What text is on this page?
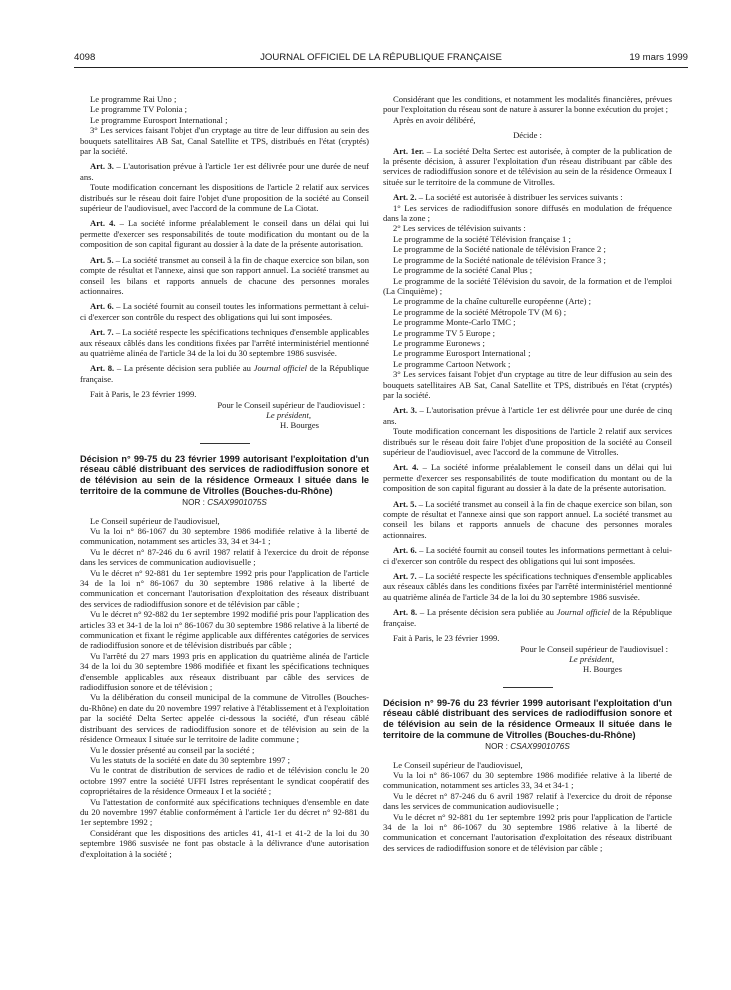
4098	JOURNAL OFFICIEL DE LA RÉPUBLIQUE FRANÇAISE	19 mars 1999

Le programme Rai Uno ;

Le programme TV Polonia ;

Le programme Eurosport International ;

3° Les services faisant l'objet d'un cryptage au titre de leur diffusion au sein des bouquets satellitaires AB Sat, Canal Satellite et TPS, distribués en l'état (cryptés) par la société.

Art. 3. – L'autorisation prévue à l'article 1er est délivrée pour une durée de neuf ans.

Toute modification concernant les dispositions de l'article 2 relatif aux services distribués sur le réseau doit faire l'objet d'une proposition de la société au Conseil supérieur de l'audiovisuel, avec l'accord de la commune de La Ciotat.

Art. 4. – La société informe préalablement le conseil dans un délai qui lui permette d'exercer ses responsabilités de toute modification du montant ou de la composition de son capital figurant au dossier à la date de la présente autorisation.

Art. 5. – La société transmet au conseil à la fin de chaque exercice son bilan, son compte de résultat et l'annexe, ainsi que son rapport annuel. La société transmet au conseil les bilans et rapports annuels de chacune des personnes morales actionnaires.

Art. 6. – La société fournit au conseil toutes les informations permettant à celui-ci d'exercer son contrôle du respect des obligations qui lui sont imposées.

Art. 7. – La société respecte les spécifications techniques d'ensemble applicables aux réseaux câblés dans les conditions fixées par l'arrêté interministériel mentionné au quatrième alinéa de l'article 34 de la loi du 30 septembre 1986 susvisée.

Art. 8. – La présente décision sera publiée au Journal officiel de la République française.

Fait à Paris, le 23 février 1999.

Pour le Conseil supérieur de l'audiovisuel :

Le président,

H. Bourges

Décision n° 99-75 du 23 février 1999 autorisant l'exploitation d'un réseau câblé distribuant des services de radiodiffusion sonore et de télévision au sein de la résidence Ormeaux I située dans le territoire de la commune de Vitrolles (Bouches-du-Rhône)

NOR : CSAX9901075S

Le Conseil supérieur de l'audiovisuel,

Vu la loi n° 86-1067 du 30 septembre 1986 modifiée relative à la liberté de communication, notamment ses articles 33, 34 et 34-1 ;

Vu le décret n° 87-246 du 6 avril 1987 relatif à l'exercice du droit de réponse dans les services de communication audiovisuelle ;

Vu le décret n° 92-881 du 1er septembre 1992 pris pour l'application de l'article 34 de la loi n° 86-1067 du 30 septembre 1986 relative à la liberté de communication et concernant l'autorisation d'exploitation des réseaux distribuant des services de radiodiffusion sonore et de télévision par câble ;

Vu le décret n° 92-882 du 1er septembre 1992 modifié pris pour l'application des articles 33 et 34-1 de la loi n° 86-1067 du 30 septembre 1986 relative à la liberté de communication et fixant le régime applicable aux différentes catégories de services de radiodiffusion sonore et de télévision distribués par câble ;

Vu l'arrêté du 27 mars 1993 pris en application du quatrième alinéa de l'article 34 de la loi du 30 septembre 1986 modifiée et fixant les spécifications techniques d'ensemble applicables aux réseaux distribuant par câble des services de radiodiffusion sonore et de télévision ;

Vu la délibération du conseil municipal de la commune de Vitrolles (Bouches-du-Rhône) en date du 20 novembre 1997 relative à l'établissement et à l'exploitation par la société Delta Sertec appelée ci-dessous la société, d'un réseau câblé distribuant des services de radiodiffusion sonore et de télévision au sein de la résidence Ormeaux I située sur le territoire de ladite commune ;

Vu le dossier présenté au conseil par la société ;

Vu les statuts de la société en date du 30 septembre 1997 ;

Vu le contrat de distribution de services de radio et de télévision conclu le 20 octobre 1997 entre la société UFFI Istres représentant le syndicat coopératif des copropriétaires de la résidence Ormeaux I et la société ;

Vu l'attestation de conformité aux spécifications techniques d'ensemble en date du 20 novembre 1997 établie conformément à l'article 1er du décret n° 92-881 du 1er septembre 1992 ;

Considérant que les dispositions des articles 41, 41-1 et 41-2 de la loi du 30 septembre 1986 susvisée ne font pas obstacle à la délivrance d'une autorisation d'exploitation à la société ;

Considérant que les conditions, et notamment les modalités financières, prévues pour l'exploitation du réseau sont de nature à assurer la bonne exécution du projet ;

Après en avoir délibéré,

Décide :

Art. 1er. – La société Delta Sertec est autorisée, à compter de la publication de la présente décision, à assurer l'exploitation d'un réseau distribuant par câble des services de radiodiffusion sonore et de télévision au sein de la résidence Ormeaux I située sur le territoire de la commune de Vitrolles.

Art. 2. – La société est autorisée à distribuer les services suivants :

1° Les services de radiodiffusion sonore diffusés en modulation de fréquence dans la zone ;

2° Les services de télévision suivants :

Le programme de la société Télévision française 1 ;

Le programme de la Société nationale de télévision France 2 ;

Le programme de la Société nationale de télévision France 3 ;

Le programme de la société Canal Plus ;

Le programme de la société Télévision du savoir, de la formation et de l'emploi (La Cinquième) ;

Le programme de la chaîne culturelle européenne (Arte) ;

Le programme de la société Métropole TV (M 6) ;

Le programme Monte-Carlo TMC ;

Le programme TV 5 Europe ;

Le programme Euronews ;

Le programme Eurosport International ;

Le programme Cartoon Network ;

3° Les services faisant l'objet d'un cryptage au titre de leur diffusion au sein des bouquets satellitaires AB Sat, Canal Satellite et TPS, distribués en l'état (cryptés) par la société.

Art. 3. – L'autorisation prévue à l'article 1er est délivrée pour une durée de cinq ans.

Toute modification concernant les dispositions de l'article 2 relatif aux services distribués sur le réseau doit faire l'objet d'une proposition de la société au Conseil supérieur de l'audiovisuel, avec l'accord de la commune de Vitrolles.

Art. 4. – La société informe préalablement le conseil dans un délai qui lui permette d'exercer ses responsabilités de toute modification du montant ou de la composition de son capital figurant au dossier à la date de la présente autorisation.

Art. 5. – La société transmet au conseil à la fin de chaque exercice son bilan, son compte de résultat et l'annexe ainsi que son rapport annuel. La société transmet au conseil les bilans et rapports annuels de chacune des personnes morales actionnaires.

Art. 6. – La société fournit au conseil toutes les informations permettant à celui-ci d'exercer son contrôle du respect des obligations qui lui sont imposées.

Art. 7. – La société respecte les spécifications techniques d'ensemble applicables aux réseaux câblés dans les conditions fixées par l'arrêté interministériel mentionné au quatrième alinéa de l'article 34 de la loi du 30 septembre 1986 susvisée.

Art. 8. – La présente décision sera publiée au Journal officiel de la République française.

Fait à Paris, le 23 février 1999.

Pour le Conseil supérieur de l'audiovisuel :

Le président,

H. Bourges

Décision n° 99-76 du 23 février 1999 autorisant l'exploitation d'un réseau câblé distribuant des services de radiodiffusion sonore et de télévision au sein de la résidence Ormeaux II située dans le territoire de la commune de Vitrolles (Bouches-du-Rhône)

NOR : CSAX9901076S

Le Conseil supérieur de l'audiovisuel,

Vu la loi n° 86-1067 du 30 septembre 1986 modifiée relative à la liberté de communication, notamment ses articles 33, 34 et 34-1 ;

Vu le décret n° 87-246 du 6 avril 1987 relatif à l'exercice du droit de réponse dans les services de communication audiovisuelle ;

Vu le décret n° 92-881 du 1er septembre 1992 pris pour l'application de l'article 34 de la loi n° 86-1067 du 30 septembre 1986 relative à la liberté de communication et concernant l'autorisation d'exploitation des réseaux distribuant des services de radiodiffusion sonore et de télévision par câble ;
